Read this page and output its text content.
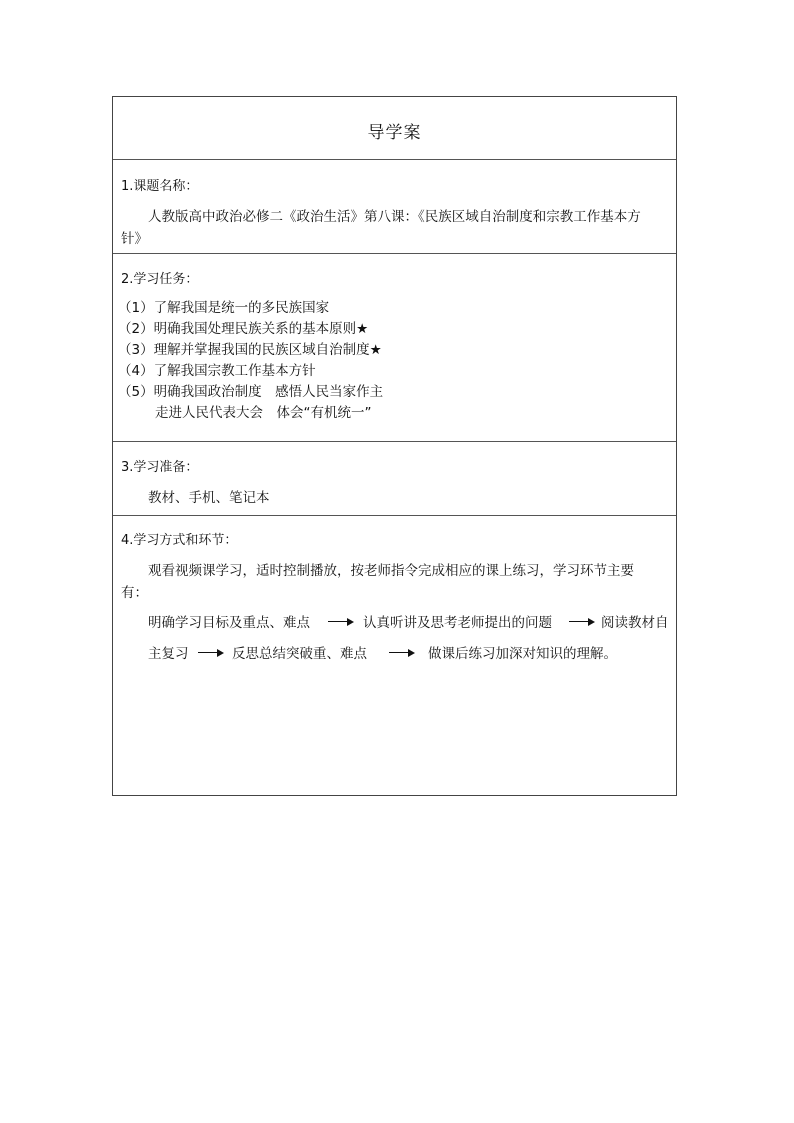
导学案
1.课题名称：
人教版高中政治必修二《政治生活》第八课：《民族区域自治制度和宗教工作基本方
针》
2.学习任务：
（1）了解我国是统一的多民族国家
（2）明确我国处理民族关系的基本原则★
（3）理解并掌握我国的民族区域自治制度★
（4）了解我国宗教工作基本方针
（5）明确我国政治制度　感悟人民当家作主
走进人民代表大会　体会“有机统一”
3.学习准备：
教材、手机、笔记本
4.学习方式和环节：
观看视频课学习，适时控制播放，按老师指令完成相应的课上练习，学习环节主要
有：
明确学习目标及重点、难点	认真听讲及思考老师提出的问题	阅读教材自
主复习	反思总结突破重、难点	做课后练习加深对知识的理解。
